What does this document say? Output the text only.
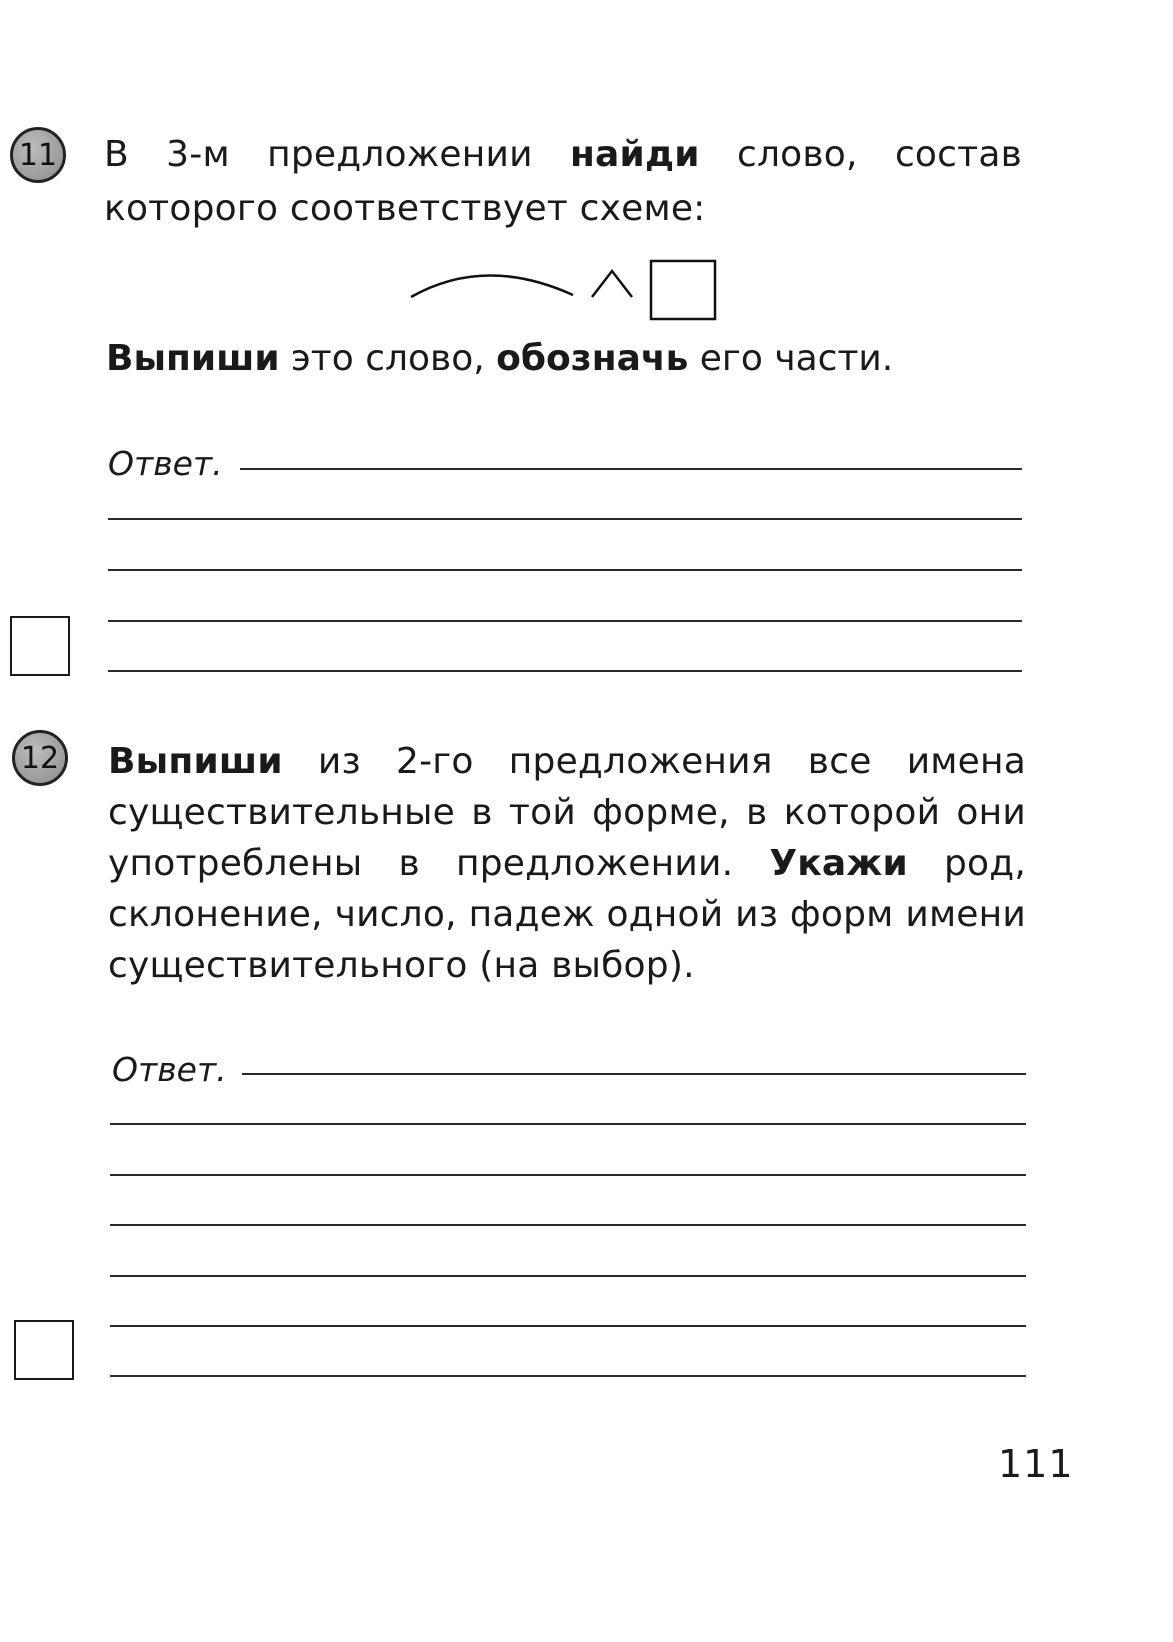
11 В 3-м предложении найди слово, состав которого соответствует схеме:

Выпиши это слово, обозначь его части.

Ответ.
12 Выпиши из 2-го предложения все имена существительные в той форме, в которой они употреблены в предложении. Укажи род, склонение, число, падеж одной из форм имени существительного (на выбор).

Ответ.
111
